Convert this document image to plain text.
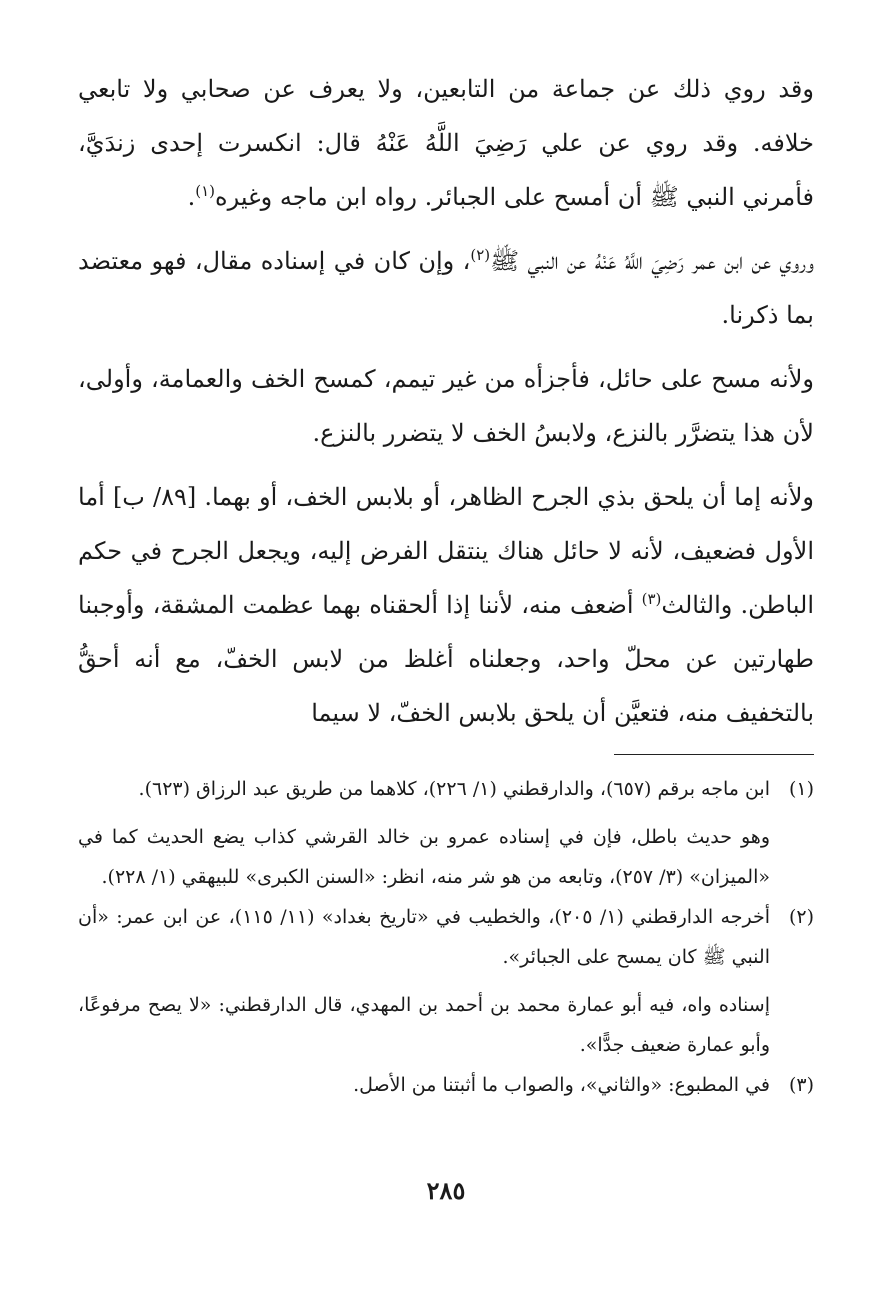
وقد روي ذلك عن جماعة من التابعين، ولا يعرف عن صحابي ولا تابعي خلافه. وقد روي عن علي رَضِيَ اللَّهُ عَنْهُ قال: انكسرت إحدى زندَيَّ، فأمرني النبي ﷺ أن أمسح على الجبائر. رواه ابن ماجه وغيره$^{(١)}$.

وروي عن ابن عمر رَضِيَ اللَّهُ عَنْهُ عن النبي ﷺ$^{(٢)}$، وإن كان في إسناده مقال، فهو معتضد بما ذكرنا.

ولأنه مسح على حائل، فأجزأه من غير تيمم، كمسح الخف والعمامة، وأولى، لأن هذا يتضرَّر بالنزع، ولابسُ الخف لا يتضرر بالنزع.

ولأنه إما أن يلحق بذي الجرح الظاهر، أو بلابس الخف، أو بهما. [٨٩/ ب] أما الأول فضعيف، لأنه لا حائل هناك ينتقل الفرض إليه، ويجعل الجرح في حكم الباطن. والثالث$^{(٣)}$ أضعف منه، لأننا إذا ألحقناه بهما عظمت المشقة، وأوجبنا طهارتين عن محلّ واحد، وجعلناه أغلظ من لابس الخفّ، مع أنه أحقُّ بالتخفيف منه، فتعيَّن أن يلحق بلابس الخفّ، لا سيما

(١)

ابن ماجه برقم (٦٥٧)، والدارقطني (١/ ٢٢٦)، كلاهما من طريق عبد الرزاق (٦٢٣).

وهو حديث باطل، فإن في إسناده عمرو بن خالد القرشي كذاب يضع الحديث كما في «الميزان» (٣/ ٢٥٧)، وتابعه من هو شر منه، انظر: «السنن الكبرى» للبيهقي (١/ ٢٢٨).

(٢)

أخرجه الدارقطني (١/ ٢٠٥)، والخطيب في «تاريخ بغداد» (١١/ ١١٥)، عن ابن عمر: «أن النبي ﷺ كان يمسح على الجبائر».

إسناده واه، فيه أبو عمارة محمد بن أحمد بن المهدي، قال الدارقطني: «لا يصح مرفوعًا، وأبو عمارة ضعيف جدًّا».

(٣)

في المطبوع: «والثاني»، والصواب ما أثبتنا من الأصل.

٢٨٥
